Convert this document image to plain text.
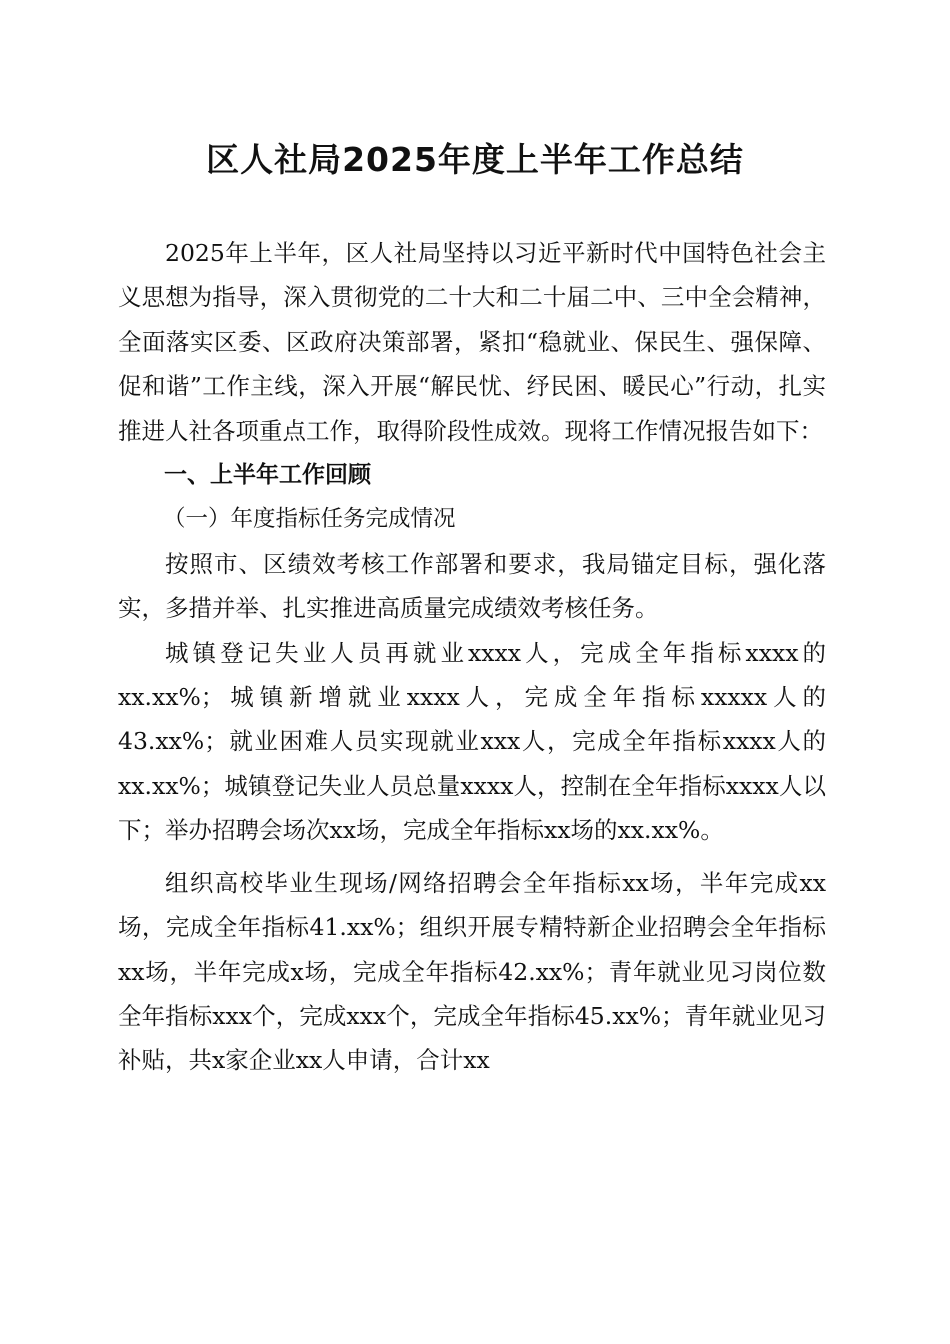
区人社局2025年度上半年工作总结

2025年上半年，区人社局坚持以习近平新时代中国特色社会主义思想为指导，深入贯彻党的二十大和二十届二中、三中全会精神，全面落实区委、区政府决策部署，紧扣“稳就业、保民生、强保障、促和谐”工作主线，深入开展“解民忧、纾民困、暖民心”行动，扎实推进人社各项重点工作，取得阶段性成效。现将工作情况报告如下：

一、上半年工作回顾

（一）年度指标任务完成情况

按照市、区绩效考核工作部署和要求，我局锚定目标，强化落实，多措并举、扎实推进高质量完成绩效考核任务。

城镇登记失业人员再就业xxxx人，完成全年指标xxxx的xx.xx%；城镇新增就业xxxx人，完成全年指标xxxxx人的43.xx%；就业困难人员实现就业xxx人，完成全年指标xxxx人的xx.xx%；城镇登记失业人员总量xxxx人，控制在全年指标xxxx人以下；举办招聘会场次xx场，完成全年指标xx场的xx.xx%。

组织高校毕业生现场/网络招聘会全年指标xx场，半年完成xx场，完成全年指标41.xx%；组织开展专精特新企业招聘会全年指标xx场，半年完成x场，完成全年指标42.xx%；青年就业见习岗位数全年指标xxx个，完成xxx个，完成全年指标45.xx%；青年就业见习补贴，共x家企业xx人申请，合计xx
